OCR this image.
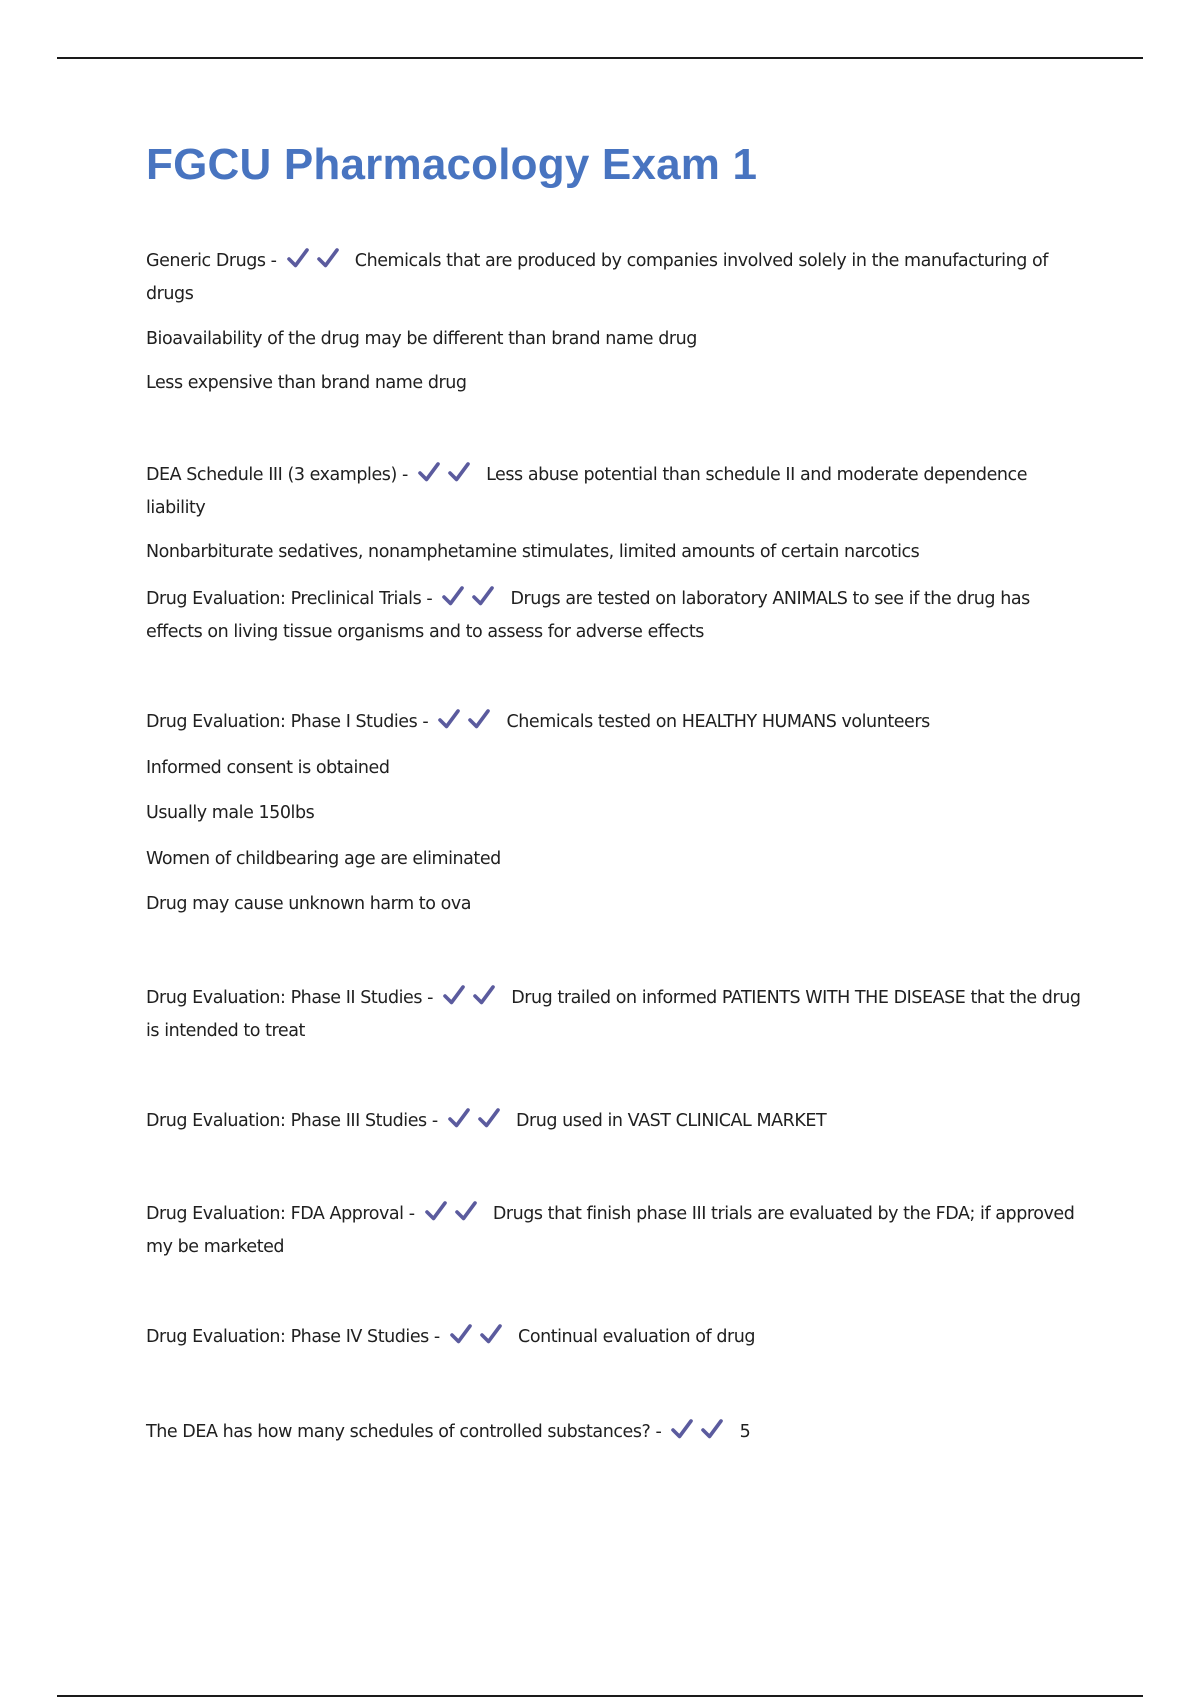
FGCU Pharmacology Exam 1
Generic Drugs -	Chemicals that are produced by companies involved solely in the manufacturing of drugs
Bioavailability of the drug may be different than brand name drug
Less expensive than brand name drug
DEA Schedule III (3 examples) -	Less abuse potential than schedule II and moderate dependence liability
Nonbarbiturate sedatives, nonamphetamine stimulates, limited amounts of certain narcotics
Drug Evaluation: Preclinical Trials -	Drugs are tested on laboratory ANIMALS to see if the drug has effects on living tissue organisms and to assess for adverse effects
Drug Evaluation: Phase I Studies -	Chemicals tested on HEALTHY HUMANS volunteers
Informed consent is obtained
Usually male 150lbs
Women of childbearing age are eliminated
Drug may cause unknown harm to ova
Drug Evaluation: Phase II Studies -	Drug trailed on informed PATIENTS WITH THE DISEASE that the drug is intended to treat
Drug Evaluation: Phase III Studies -	Drug used in VAST CLINICAL MARKET
Drug Evaluation: FDA Approval -	Drugs that finish phase III trials are evaluated by the FDA; if approved my be marketed
Drug Evaluation: Phase IV Studies -	Continual evaluation of drug
The DEA has how many schedules of controlled substances? -	5
